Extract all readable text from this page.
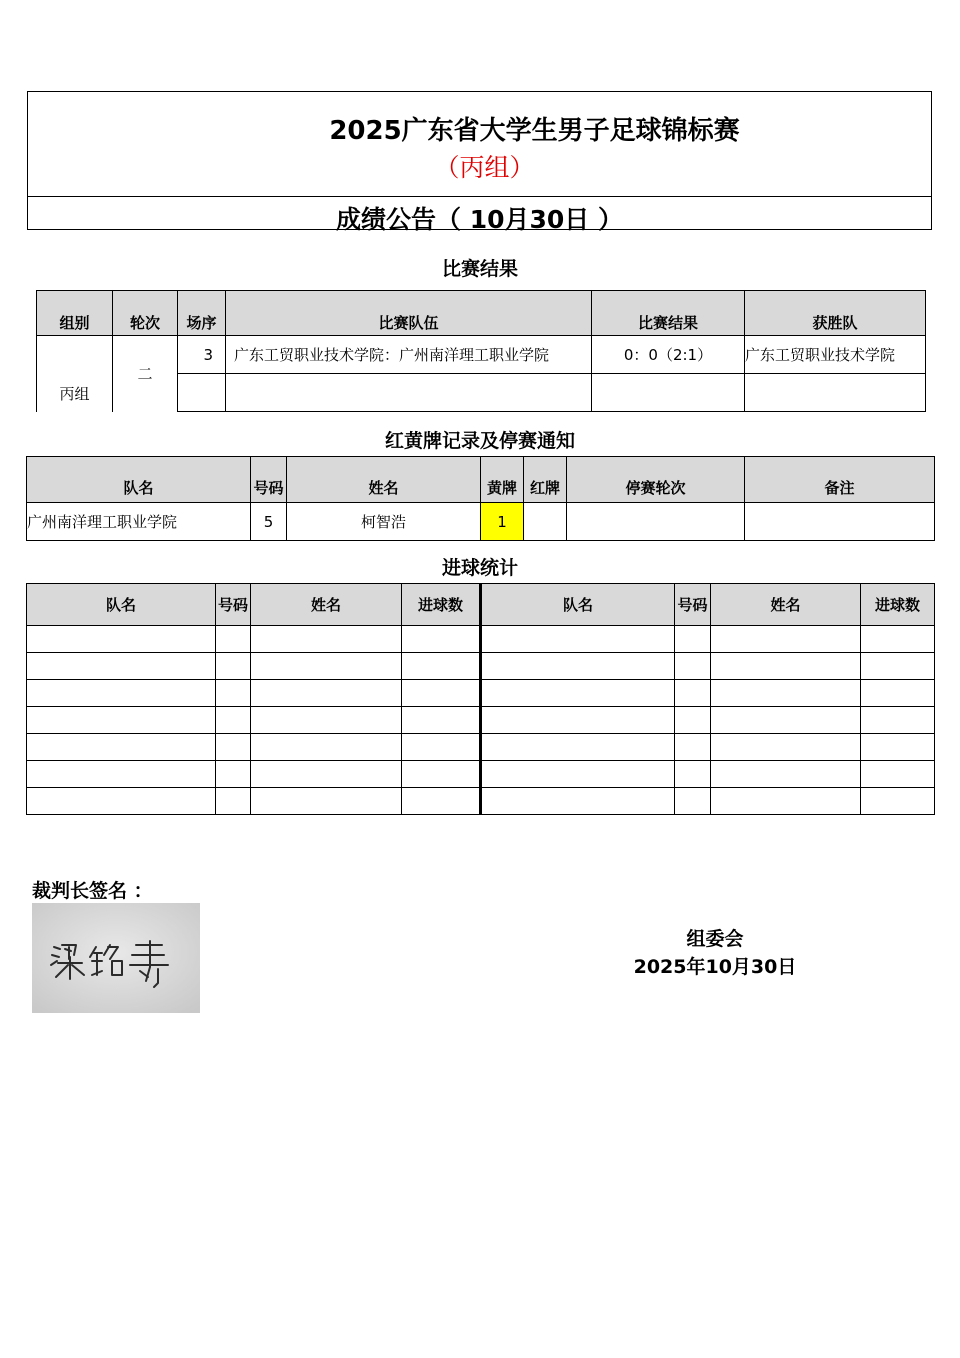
2025广东省大学生男子足球锦标赛
（丙组）
成绩公告（ 10月30日 ）
比赛结果
组别	轮次	场序	比赛队伍	比赛结果	获胜队
丙组	二	3	广东工贸职业技术学院：广州南洋理工职业学院	0：0（2:1）	广东工贸职业技术学院

红黄牌记录及停赛通知
队名	号码	姓名	黄牌	红牌	停赛轮次	备注
广州南洋理工职业学院	5	柯智浩	1			
进球统计
队名	号码	姓名	进球数	队名	号码	姓名	进球数

裁判长签名 ：
组委会
2025年10月30日
